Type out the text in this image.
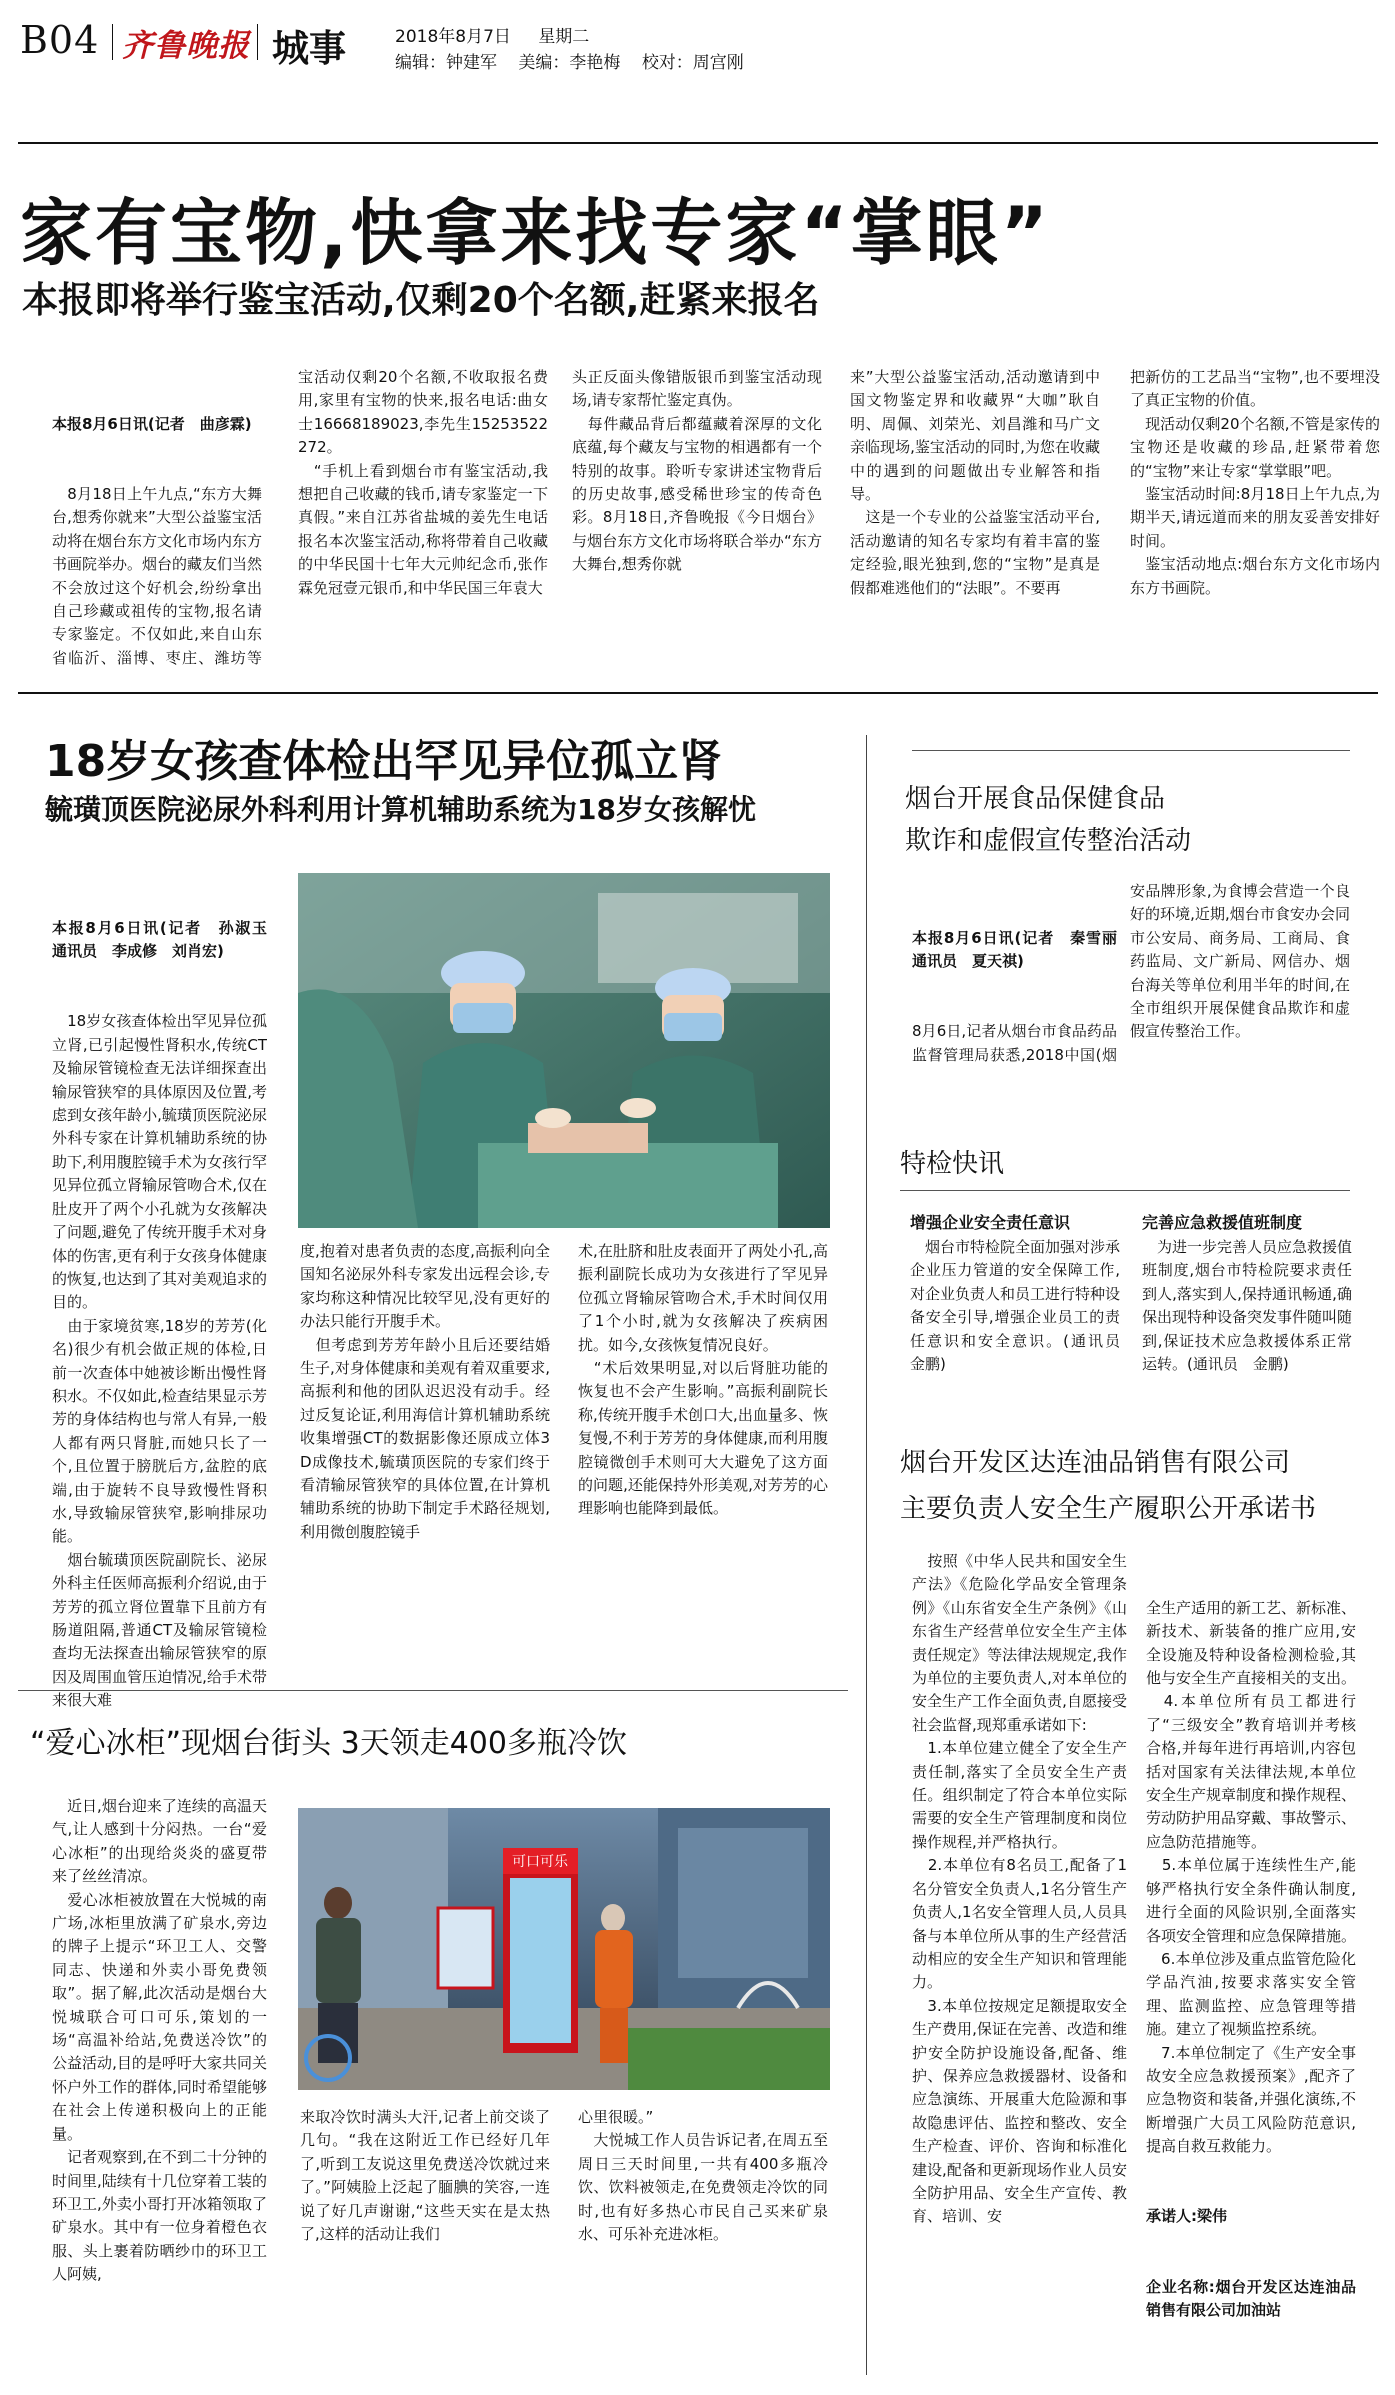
B04 齐鲁晚报 城事	2018年8月7日 星期二
编辑：钟建军 美编：李艳梅 校对：周宫刚
家有宝物,快拿来找专家“掌眼”
本报即将举行鉴宝活动,仅剩20个名额,赶紧来报名

本报8月6日讯(记者　曲彦霖)

　8月18日上午九点,“东方大舞台,想秀你就来”大型公益鉴宝活动将在烟台东方文化市场内东方书画院举办。烟台的藏友们当然不会放过这个好机会,纷纷拿出自己珍藏或祖传的宝物,报名请专家鉴定。不仅如此,来自山东省临沂、淄博、枣庄、潍坊等

宝活动仅剩20个名额,不收取报名费用,家里有宝物的快来,报名电话:曲女士16668189023,李先生15253522272。
　“手机上看到烟台市有鉴宝活动,我想把自己收藏的钱币,请专家鉴定一下真假。”来自江苏省盐城的姜先生电话报名本次鉴宝活动,称将带着自己收藏的中华民国十七年大元帅纪念币,张作霖免冠壹元银币,和中华民国三年袁大
头正反面头像错版银币到鉴宝活动现场,请专家帮忙鉴定真伪。
　每件藏品背后都蕴藏着深厚的文化底蕴,每个藏友与宝物的相遇都有一个特别的故事。聆听专家讲述宝物背后的历史故事,感受稀世珍宝的传奇色彩。8月18日,齐鲁晚报《今日烟台》与烟台东方文化市场将联合举办“东方大舞台,想秀你就
来”大型公益鉴宝活动,活动邀请到中国文物鉴定界和收藏界“大咖”耿自明、周佩、刘荣光、刘昌潍和马广文亲临现场,鉴宝活动的同时,为您在收藏中的遇到的问题做出专业解答和指导。
　这是一个专业的公益鉴宝活动平台,活动邀请的知名专家均有着丰富的鉴定经验,眼光独到,您的“宝物”是真是假都难逃他们的“法眼”。不要再
把新仿的工艺品当“宝物”,也不要埋没了真正宝物的价值。
　现活动仅剩20个名额,不管是家传的宝物还是收藏的珍品,赶紧带着您的“宝物”来让专家“掌掌眼”吧。
　鉴宝活动时间:8月18日上午九点,为期半天,请远道而来的朋友妥善安排好时间。
　鉴宝活动地点:烟台东方文化市场内东方书画院。
18岁女孩查体检出罕见异位孤立肾
毓璜顶医院泌尿外科利用计算机辅助系统为18岁女孩解忧

本报8月6日讯(记者　孙淑玉　通讯员　李成修　刘肖宏)

　18岁女孩查体检出罕见异位孤立肾,已引起慢性肾积水,传统CT及输尿管镜检查无法详细探查出输尿管狭窄的具体原因及位置,考虑到女孩年龄小,毓璜顶医院泌尿外科专家在计算机辅助系统的协助下,利用腹腔镜手术为女孩行罕见异位孤立肾输尿管吻合术,仅在肚皮开了两个小孔就为女孩解决了问题,避免了传统开腹手术对身体的伤害,更有利于女孩身体健康的恢复,也达到了其对美观追求的目的。
　由于家境贫寒,18岁的芳芳(化名)很少有机会做正规的体检,日前一次查体中她被诊断出慢性肾积水。不仅如此,检查结果显示芳芳的身体结构也与常人有异,一般人都有两只肾脏,而她只长了一个,且位置于膀胱后方,盆腔的底端,由于旋转不良导致慢性肾积水,导致输尿管狭窄,影响排尿功能。
　烟台毓璜顶医院副院长、泌尿外科主任医师高振利介绍说,由于芳芳的孤立肾位置靠下且前方有肠道阻隔,普通CT及输尿管镜检查均无法探查出输尿管狭窄的原因及周围血管压迫情况,给手术带来很大难

度,抱着对患者负责的态度,高振利向全国知名泌尿外科专家发出远程会诊,专家均称这种情况比较罕见,没有更好的办法只能行开腹手术。
　但考虑到芳芳年龄小且后还要结婚生子,对身体健康和美观有着双重要求,高振利和他的团队迟迟没有动手。经过反复论证,利用海信计算机辅助系统收集增强CT的数据影像还原成立体3D成像技术,毓璜顶医院的专家们终于看清输尿管狭窄的具体位置,在计算机辅助系统的协助下制定手术路径规划,利用微创腹腔镜手
术,在肚脐和肚皮表面开了两处小孔,高振利副院长成功为女孩进行了罕见异位孤立肾输尿管吻合术,手术时间仅用了1个小时,就为女孩解决了疾病困扰。如今,女孩恢复情况良好。
　“术后效果明显,对以后肾脏功能的恢复也不会产生影响。”高振利副院长称,传统开腹手术创口大,出血量多、恢复慢,不利于芳芳的身体健康,而利用腹腔镜微创手术则可大大避免了这方面的问题,还能保持外形美观,对芳芳的心理影响也能降到最低。
烟台开展食品保健食品
欺诈和虚假宣传整治活动

本报8月6日讯(记者　秦雪丽　通讯员　夏天祺)

8月6日,记者从烟台市食品药品监督管理局获悉,2018中国(烟

安品牌形象,为食博会营造一个良好的环境,近期,烟台市食安办会同市公安局、商务局、工商局、食药监局、文广新局、网信办、烟台海关等单位利用半年的时间,在全市组织开展保健食品欺诈和虚假宣传整治工作。
特检快讯
增强企业安全责任意识
　烟台市特检院全面加强对涉承企业压力管道的安全保障工作,对企业负责人和员工进行特种设备安全引导,增强企业员工的责任意识和安全意识。(通讯员　金鹏)
完善应急救援值班制度
　为进一步完善人员应急救援值班制度,烟台市特检院要求责任到人,落实到人,保持通讯畅通,确保出现特种设备突发事件随叫随到,保证技术应急救援体系正常运转。(通讯员　金鹏)
烟台开发区达连油品销售有限公司
主要负责人安全生产履职公开承诺书
　按照《中华人民共和国安全生产法》《危险化学品安全管理条例》《山东省安全生产条例》《山东省生产经营单位安全生产主体责任规定》等法律法规规定,我作为单位的主要负责人,对本单位的安全生产工作全面负责,自愿接受社会监督,现郑重承诺如下:
　1.本单位建立健全了安全生产责任制,落实了全员安全生产责任。组织制定了符合本单位实际需要的安全生产管理制度和岗位操作规程,并严格执行。
　2.本单位有8名员工,配备了1名分管安全负责人,1名分管生产负责人,1名安全管理人员,人员具备与本单位所从事的生产经营活动相应的安全生产知识和管理能力。
　3.本单位按规定足额提取安全生产费用,保证在完善、改造和维护安全防护设施设备,配备、维护、保养应急救援器材、设备和应急演练、开展重大危险源和事故隐患评估、监控和整改、安全生产检查、评价、咨询和标准化建设,配备和更新现场作业人员安全防护用品、安全生产宣传、教育、培训、安

全生产适用的新工艺、新标准、新技术、新装备的推广应用,安全设施及特种设备检测检验,其他与安全生产直接相关的支出。
　4.本单位所有员工都进行了“三级安全”教育培训并考核合格,并每年进行再培训,内容包括对国家有关法律法规,本单位安全生产规章制度和操作规程、劳动防护用品穿戴、事故警示、应急防范措施等。
　5.本单位属于连续性生产,能够严格执行安全条件确认制度,进行全面的风险识别,全面落实各项安全管理和应急保障措施。
　6.本单位涉及重点监管危险化学品汽油,按要求落实安全管理、监测监控、应急管理等措施。建立了视频监控系统。
　7.本单位制定了《生产安全事故安全应急救援预案》,配齐了应急物资和装备,并强化演练,不断增强广大员工风险防范意识,提高自救互救能力。

承诺人:梁伟

企业名称:烟台开发区达连油品销售有限公司加油站

“爱心冰柜”现烟台街头 3天领走400多瓶冷饮
　近日,烟台迎来了连续的高温天气,让人感到十分闷热。一台“爱心冰柜”的出现给炎炎的盛夏带来了丝丝清凉。
　爱心冰柜被放置在大悦城的南广场,冰柜里放满了矿泉水,旁边的牌子上提示“环卫工人、交警同志、快递和外卖小哥免费领取”。据了解,此次活动是烟台大悦城联合可口可乐,策划的一场“高温补给站,免费送冷饮”的公益活动,目的是呼吁大家共同关怀户外工作的群体,同时希望能够在社会上传递积极向上的正能量。
　记者观察到,在不到二十分钟的时间里,陆续有十几位穿着工装的环卫工,外卖小哥打开冰箱领取了矿泉水。其中有一位身着橙色衣服、头上裹着防晒纱巾的环卫工人阿姨,
可口可乐
来取冷饮时满头大汗,记者上前交谈了几句。“我在这附近工作已经好几年了,听到工友说这里免费送冷饮就过来了。”阿姨脸上泛起了腼腆的笑容,一连说了好几声谢谢,“这些天实在是太热了,这样的活动让我们
心里很暖。”
　大悦城工作人员告诉记者,在周五至周日三天时间里,一共有400多瓶冷饮、饮料被领走,在免费领走冷饮的同时,也有好多热心市民自己买来矿泉水、可乐补充进冰柜。
